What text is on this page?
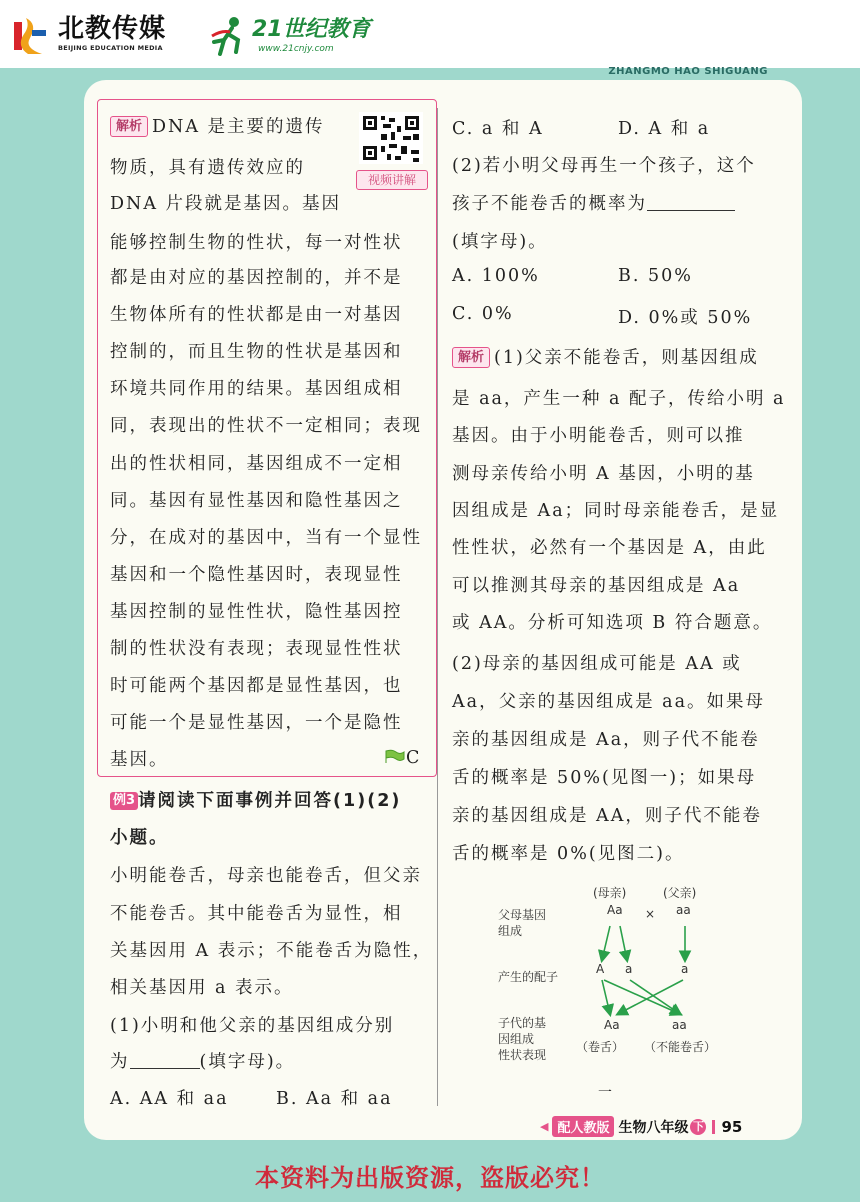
北教传媒
BEIJING EDUCATION MEDIA
21世纪教育
www.21cnjy.com
ZHANGMO HAO SHIGUANG
解析 DNA 是主要的遗传
物质，具有遗传效应的
DNA 片段就是基因。基因
能够控制生物的性状，每一对性状
都是由对应的基因控制的，并不是
生物体所有的性状都是由一对基因
控制的，而且生物的性状是基因和
环境共同作用的结果。基因组成相
同，表现出的性状不一定相同；表现
出的性状相同，基因组成不一定相
同。基因有显性基因和隐性基因之
分，在成对的基因中，当有一个显性
基因和一个隐性基因时，表现显性
基因控制的显性性状，隐性基因控
制的性状没有表现；表现显性性状
时可能两个基因都是显性基因，也
可能一个是显性基因，一个是隐性
基因。
例3 请阅读下面事例并回答(1)(2)
小题。
小明能卷舌，母亲也能卷舌，但父亲
不能卷舌。其中能卷舌为显性，相
关基因用 A 表示；不能卷舌为隐性，
相关基因用 a 表示。
(1)小明和他父亲的基因组成分别
为	(填字母)。
A. AA 和 aa	B. Aa 和 aa
视频讲解
C
C. a 和 A	D. A 和 a
(2)若小明父母再生一个孩子，这个
孩子不能卷舌的概率为
(填字母)。
A. 100%	B. 50%
C. 0%	D. 0%或 50%
解析 (1)父亲不能卷舌，则基因组成
是 aa，产生一种 a 配子，传给小明 a
基因。由于小明能卷舌，则可以推
测母亲传给小明 A 基因，小明的基
因组成是 Aa；同时母亲能卷舌，是显
性性状，必然有一个基因是 A，由此
可以推测其母亲的基因组成是 Aa
或 AA。分析可知选项 B 符合题意。
(2)母亲的基因组成可能是 AA 或
Aa，父亲的基因组成是 aa。如果母
亲的基因组成是 Aa，则子代不能卷
舌的概率是 50%(见图一)；如果母
亲的基因组成是 AA，则子代不能卷
舌的概率是 0%(见图二)。
(母亲)	(父亲)
父母基因
组成
Aa × aa
产生的配子
A a	a
子代的基
因组成
性状表现
Aa	aa
（卷舌） （不能卷舌）
一
◀ 配人教版 生物八年级 下 95
本资料为出版资源，盗版必究！
